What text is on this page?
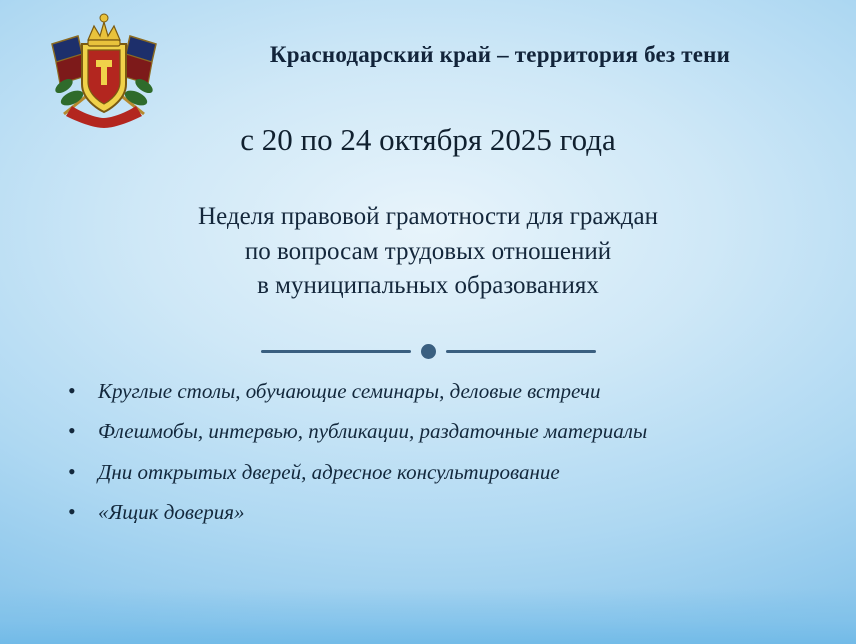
Краснодарский край – территория без тени
с 20 по 24 октября 2025 года
Неделя правовой грамотности для граждан
по вопросам трудовых отношений
в муниципальных образованиях
•	Круглые столы, обучающие семинары, деловые встречи
•	Флешмобы, интервью, публикации, раздаточные материалы
•	Дни открытых дверей, адресное консультирование
•	«Ящик доверия»
